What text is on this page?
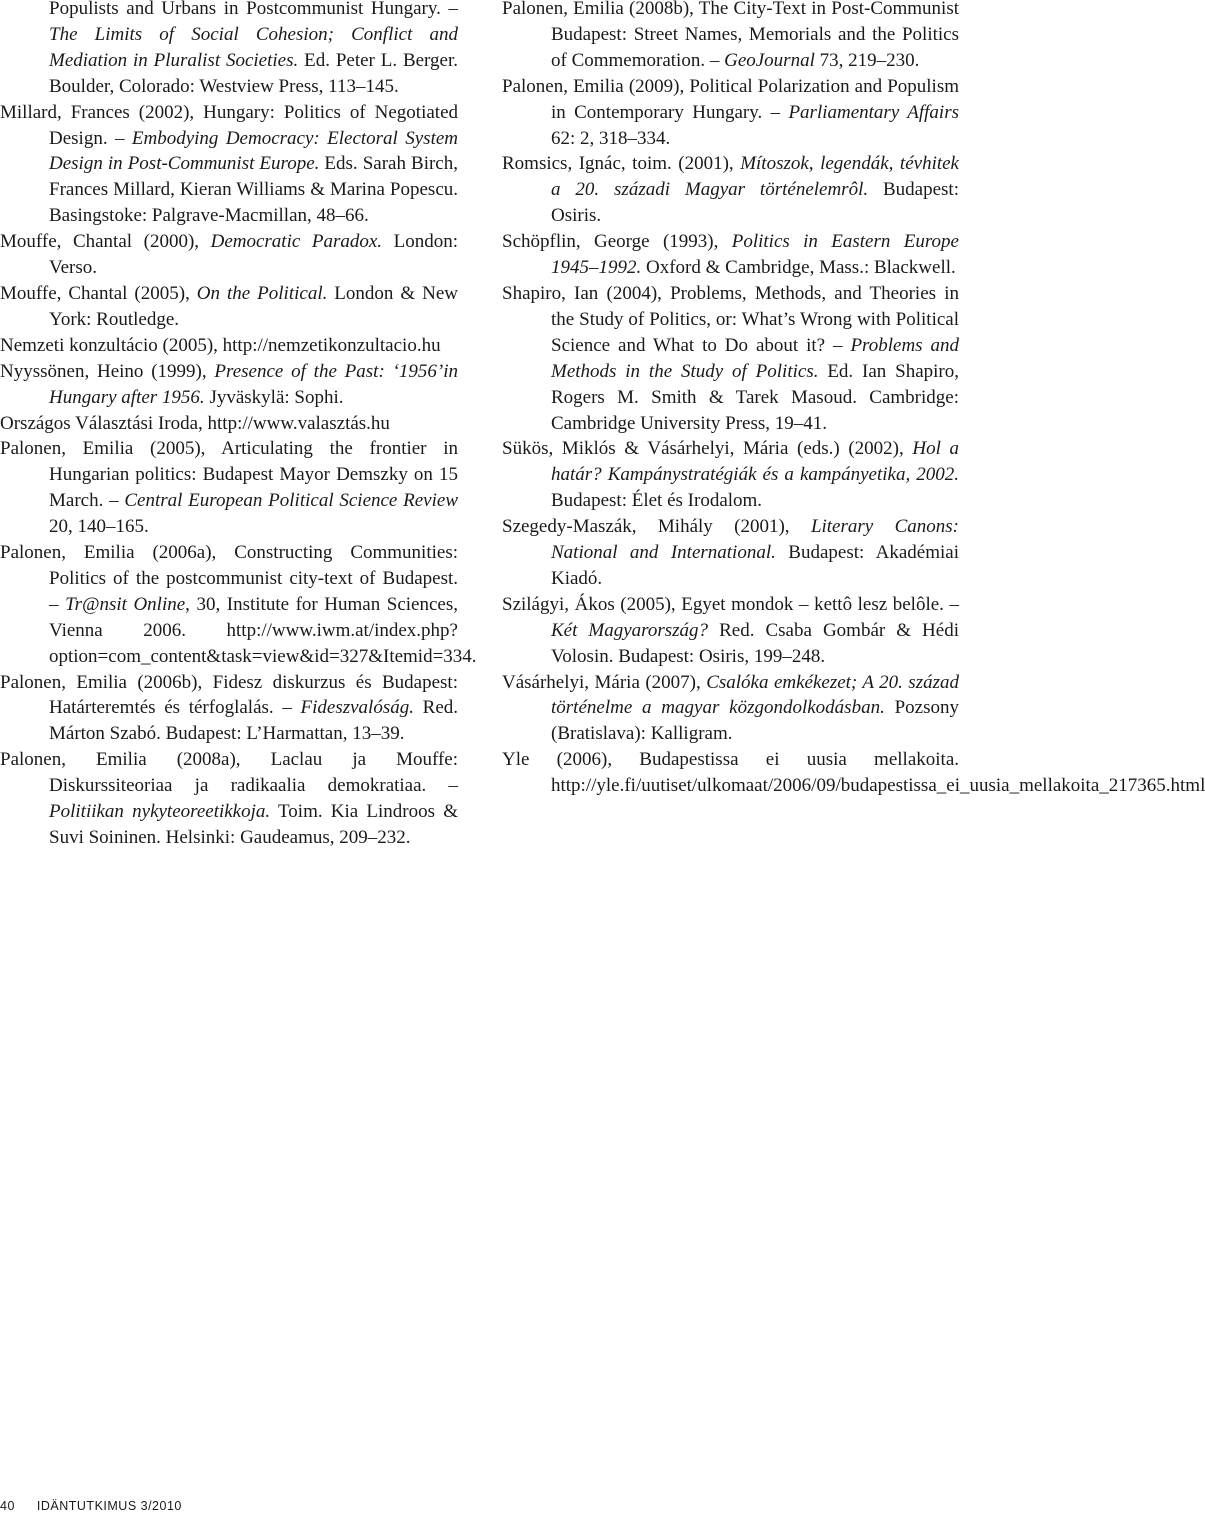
Populists and Urbans in Postcommunist Hungary. – The Limits of Social Cohesion; Conflict and Mediation in Pluralist Societies. Ed. Peter L. Berger. Boulder, Colorado: Westview Press, 113–145.

Millard, Frances (2002), Hungary: Politics of Negotiated Design. – Embodying Democracy: Electoral System Design in Post-Communist Europe. Eds. Sarah Birch, Frances Millard, Kieran Williams & Marina Popescu. Basingstoke: Palgrave-Macmillan, 48–66.

Mouffe, Chantal (2000), Democratic Paradox. London: Verso.

Mouffe, Chantal (2005), On the Political. London & New York: Routledge.

Nemzeti konzultácio (2005), http://nemzetikonzultacio.hu

Nyyssönen, Heino (1999), Presence of the Past: ‘1956’in Hungary after 1956. Jyväskylä: Sophi.

Országos Választási Iroda, http://www.valasztás.hu

Palonen, Emilia (2005), Articulating the frontier in Hungarian politics: Budapest Mayor Demszky on 15 March. – Central European Political Science Review 20, 140–165.

Palonen, Emilia (2006a), Constructing Communities: Politics of the postcommunist city-text of Budapest. – Tr@nsit Online, 30, Institute for Human Sciences, Vienna 2006. http://www.iwm.at/index.php?option=com_content&task=view&id=327&Itemid=334.

Palonen, Emilia (2006b), Fidesz diskurzus és Budapest: Határteremtés és térfoglalás. – Fideszvalóság. Red. Márton Szabó. Budapest: L’Harmattan, 13–39.

Palonen, Emilia (2008a), Laclau ja Mouffe: Diskurssiteoriaa ja radikaalia demokratiaa. – Politiikan nykyteoreetikkoja. Toim. Kia Lindroos & Suvi Soininen. Helsinki: Gaudeamus, 209–232.

Palonen, Emilia (2008b), The City-Text in Post-Communist Budapest: Street Names, Memorials and the Politics of Commemoration. – GeoJournal 73, 219–230.

Palonen, Emilia (2009), Political Polarization and Populism in Contemporary Hungary. – Parliamentary Affairs 62: 2, 318–334.

Romsics, Ignác, toim. (2001), Mítoszok, legendák, tévhitek a 20. századi Magyar történelemrôl. Budapest: Osiris.

Schöpflin, George (1993), Politics in Eastern Europe 1945–1992. Oxford & Cambridge, Mass.: Blackwell.

Shapiro, Ian (2004), Problems, Methods, and Theories in the Study of Politics, or: What’s Wrong with Political Science and What to Do about it? – Problems and Methods in the Study of Politics. Ed. Ian Shapiro, Rogers M. Smith & Tarek Masoud. Cambridge: Cambridge University Press, 19–41.

Sükös, Miklós & Vásárhelyi, Mária (eds.) (2002), Hol a határ? Kampánystratégiák és a kampányetika, 2002. Budapest: Élet és Irodalom.

Szegedy-Maszák, Mihály (2001), Literary Canons: National and International. Budapest: Akadémiai Kiadó.

Szilágyi, Ákos (2005), Egyet mondok – kettô lesz belôle. – Két Magyarország? Red. Csaba Gombár & Hédi Volosin. Budapest: Osiris, 199–248.

Vásárhelyi, Mária (2007), Csalóka emkékezet; A 20. század történelme a magyar közgondolkodásban. Pozsony (Bratislava): Kalligram.

Yle (2006), Budapestissa ei uusia mellakoita. http://yle.fi/uutiset/ulkomaat/2006/09/budapestissa_ei_uusia_mellakoita_217365.html

40 IDÄNTUTKIMUS 3/2010
